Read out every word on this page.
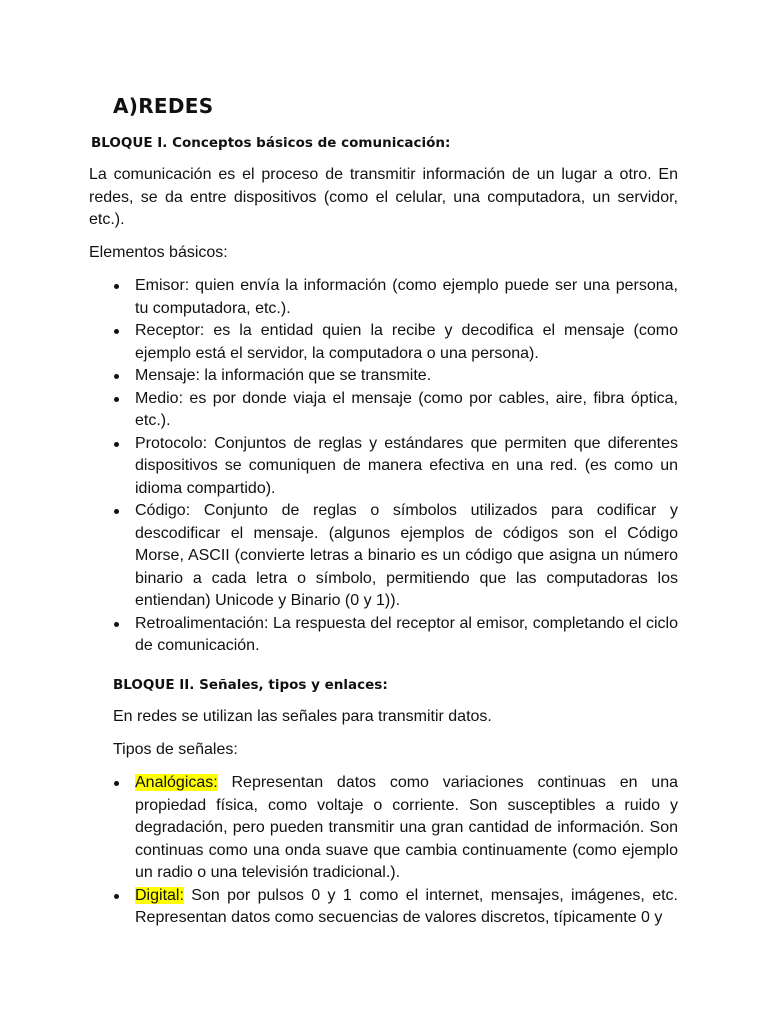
A)REDES
BLOQUE I. Conceptos básicos de comunicación:

La comunicación es el proceso de transmitir información de un lugar a otro. En redes, se da entre dispositivos (como el celular, una computadora, un servidor, etc.).

Elementos básicos:

Emisor: quien envía la información (como ejemplo puede ser una persona, tu computadora, etc.).
Receptor: es la entidad quien la recibe y decodifica el mensaje (como ejemplo está el servidor, la computadora o una persona).
Mensaje: la información que se transmite.
Medio: es por donde viaja el mensaje (como por cables, aire, fibra óptica, etc.).
Protocolo: Conjuntos de reglas y estándares que permiten que diferentes dispositivos se comuniquen de manera efectiva en una red. (es como un idioma compartido).
Código: Conjunto de reglas o símbolos utilizados para codificar y descodificar el mensaje. (algunos ejemplos de códigos son el Código Morse, ASCII (convierte letras a binario es un código que asigna un número binario a cada letra o símbolo, permitiendo que las computadoras los entiendan) Unicode y Binario (0 y 1)).
Retroalimentación: La respuesta del receptor al emisor, completando el ciclo de comunicación.
BLOQUE II. Señales, tipos y enlaces:

En redes se utilizan las señales para transmitir datos.

Tipos de señales:

Analógicas: Representan datos como variaciones continuas en una propiedad física, como voltaje o corriente. Son susceptibles a ruido y degradación, pero pueden transmitir una gran cantidad de información. Son continuas como una onda suave que cambia continuamente (como ejemplo un radio o una televisión tradicional.).
Digital: Son por pulsos 0 y 1 como el internet, mensajes, imágenes, etc. Representan datos como secuencias de valores discretos, típicamente 0 y
